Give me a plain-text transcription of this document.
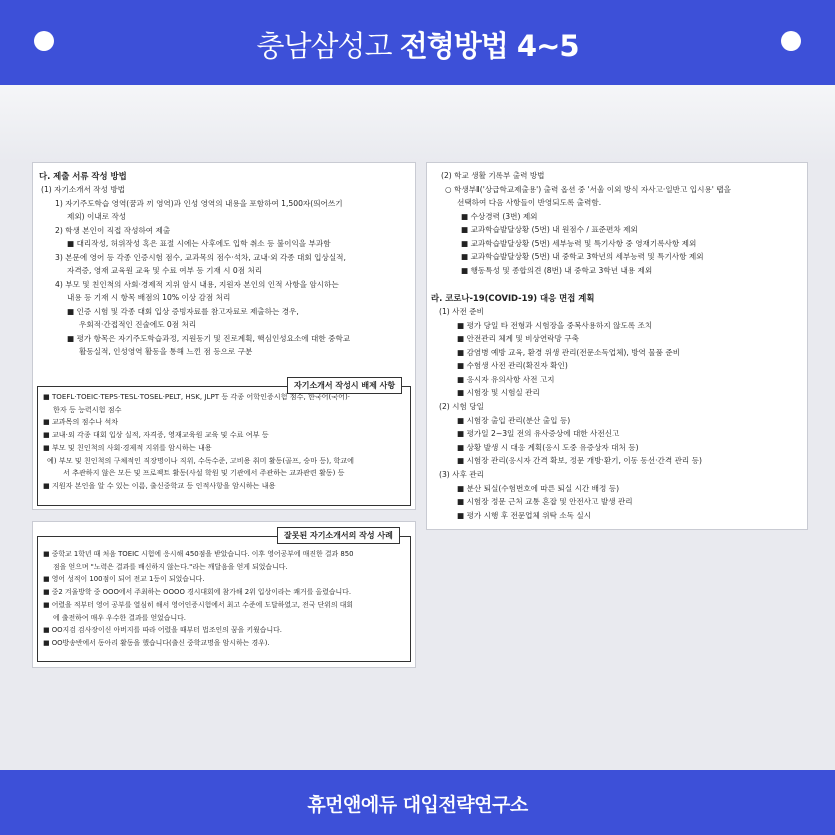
충남삼성고 전형방법 4~5
다. 제출 서류 작성 방법
(1) 자기소개서 작성 방법
1) 자기주도학습 영역(꿈과 끼 영역)과 인성 영역의 내용을 포함하여 1,500자(띄어쓰기
제외) 이내로 작성
2) 학생 본인이 직접 작성하여 제출
■ 대리작성, 허위작성 혹은 표절 시에는 사후에도 입학 취소 등 불이익을 부과함
3) 본문에 영어 등 각종 인증시험 점수, 교과목의 점수·석차, 교내·외 각종 대회 입상실적,
자격증, 영재 교육원 교육 및 수료 여부 등 기재 시 0점 처리
4) 부모 및 친인척의 사회·경제적 지위 암시 내용, 지원자 본인의 인적 사항을 암시하는
내용 등 기재 시 항목 배점의 10% 이상 감점 처리
■ 인증 시험 및 각종 대회 입상 증빙자료를 참고자료로 제출하는 경우,
우회적·간접적인 진술에도 0점 처리
■ 평가 항목은 자기주도학습과정, 지원동기 및 진로계획, 핵심인성요소에 대한 중학교
활동실적, 인성영역 활동을 통해 느낀 점 등으로 구분
자기소개서 작성시 배제 사항
■ TOEFL·TOEIC·TEPS·TESL·TOSEL·PELT, HSK, JLPT 등 각종 어학인증시험 점수, 한국어(국어)·
한자 등 능력시험 점수
■ 교과목의 점수나 석차
■ 교내·외 각종 대회 입상 실적, 자격증, 영재교육원 교육 및 수료 여부 등
■ 부모 및 친인척의 사회·경제적 지위를 암시하는 내용
예) 부모 및 친인척의 구체적인 직장명이나 직위, 수독수준, 고비용 취미 활동(골프, 승마 등), 학교에
서 추관하지 않은 모든 및 프로젝트 활동(사설 학원 및 기관에서 주관하는 교과관련 활동) 등
■ 지원자 본인을 알 수 있는 이름, 출신중학교 등 인적사항을 암시하는 내용
잘못된 자기소개서의 작성 사례
■ 중학교 1학년 때 처음 TOEIC 시험에 응시해 450점을 받았습니다. 이후 영어공부에 매진한 결과 850
점을 얻으며 "노력은 결과를 배신하지 않는다."라는 깨달음을 얻게 되었습니다.
■ 영어 성적이 100점이 되어 전교 1등이 되었습니다.
■ 중2 겨울방학 중 OOO에서 주최하는 OOOO 경시대회에 참가해 2위 입상이라는 쾌거를 올렸습니다.
■ 어렸을 적부터 영어 공부를 열심히 해서 영어인증시험에서 최고 수준에 도달하였고, 전국 단위의 대회
에 출전하여 매우 우수한 결과를 얻었습니다.
■ OO지검 검사장이신 아버지를 따라 어렸을 때부터 법조인의 꿈을 키웠습니다.
■ OO방송반에서 동아리 활동을 했습니다(출신 중학교명을 암시하는 경우).
(2) 학교 생활 기록부 출력 방법
○ 학생부Ⅱ('상급학교제출용') 출력 옵션 중 '서울 이외 방식 자사고·일반고 입시용' 탭을
선택하여 다음 사항들이 반영되도록 출력함.
■ 수상경력 (3번) 제외
■ 교과학습발달상황 (5번) 내 원점수 / 표준편차 제외
■ 교과학습발달상황 (5번) 세부능력 및 특기사항 중 영재기록사항 제외
■ 교과학습발달상황 (5번) 내 중학교 3학년의 세부능력 및 특기사항 제외
■ 행동특성 및 종합의견 (8번) 내 중학교 3학년 내용 제외
라. 코로나-19(COVID-19) 대응 면접 계획
(1) 사전 준비
■ 평가 당일 타 전형과 시험장을 중복사용하지 않도록 조치
■ 안전관리 체계 및 비상연락망 구축
■ 감염병 예방 교육, 환경 위생 관리(전문소독업체), 방역 물품 준비
■ 수험생 사전 관리(확진자 확인)
■ 응시자 유의사항 사전 고지
■ 시험장 및 시험실 관리
(2) 시험 당일
■ 시험장 출입 관리(분산 출입 등)
■ 평가일 2~3일 전의 유사증상에 대한 사전신고
■ 상황 발생 시 대응 계획(응시 도중 유증상자 대처 등)
■ 시험장 관리(응시자 간격 확보, 정문 개방·환기, 이동 동선·간격 관리 등)
(3) 사후 관리
■ 분산 퇴실(수험번호에 따른 퇴실 시간 배정 등)
■ 시험장 정문 근처 교통 혼잡 및 안전사고 발생 관리
■ 평가 시행 후 전문업체 위탁 소독 실시
휴먼앤에듀 대입전략연구소
